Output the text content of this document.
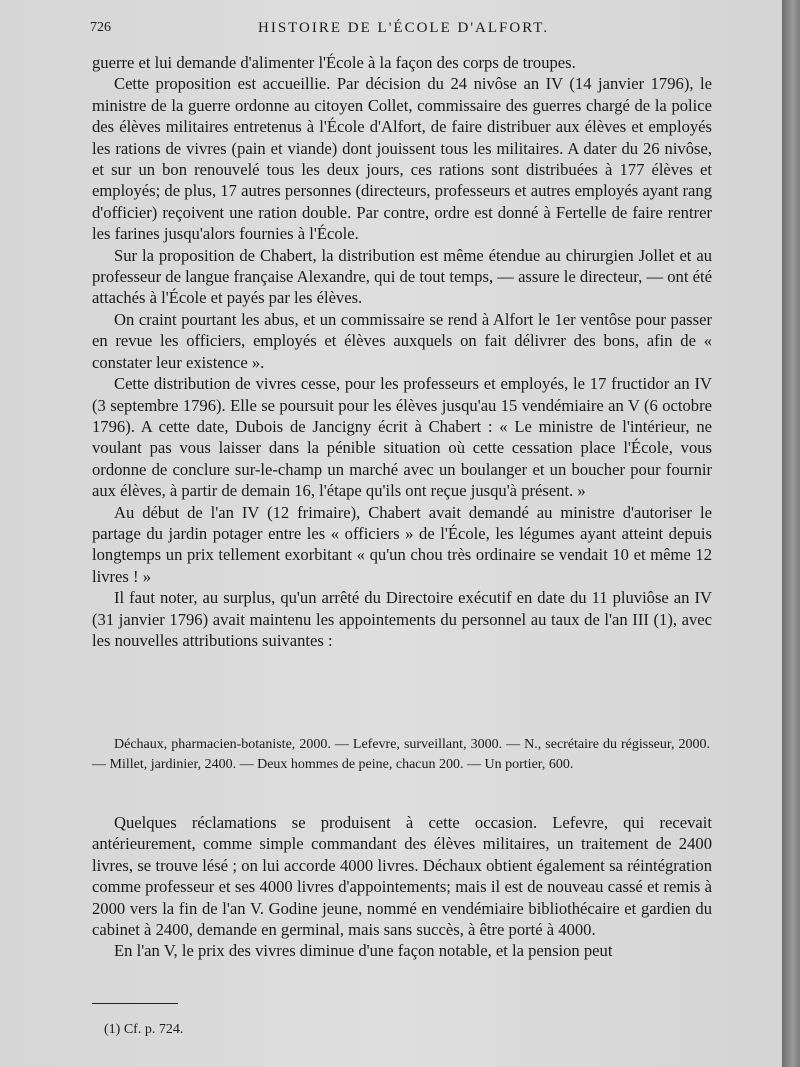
726	HISTOIRE DE L'ÉCOLE D'ALFORT.

guerre et lui demande d'alimenter l'École à la façon des corps de troupes.

Cette proposition est accueillie. Par décision du 24 nivôse an IV (14 janvier 1796), le ministre de la guerre ordonne au citoyen Collet, commissaire des guerres chargé de la police des élèves militaires entretenus à l'École d'Alfort, de faire distribuer aux élèves et employés les rations de vivres (pain et viande) dont jouissent tous les militaires. A dater du 26 nivôse, et sur un bon renouvelé tous les deux jours, ces rations sont distribuées à 177 élèves et employés; de plus, 17 autres personnes (directeurs, professeurs et autres employés ayant rang d'officier) reçoivent une ration double. Par contre, ordre est donné à Fertelle de faire rentrer les farines jusqu'alors fournies à l'École.

Sur la proposition de Chabert, la distribution est même étendue au chirurgien Jollet et au professeur de langue française Alexandre, qui de tout temps, — assure le directeur, — ont été attachés à l'École et payés par les élèves.

On craint pourtant les abus, et un commissaire se rend à Alfort le 1er ventôse pour passer en revue les officiers, employés et élèves auxquels on fait délivrer des bons, afin de « constater leur existence ».

Cette distribution de vivres cesse, pour les professeurs et employés, le 17 fructidor an IV (3 septembre 1796). Elle se poursuit pour les élèves jusqu'au 15 vendémiaire an V (6 octobre 1796). A cette date, Dubois de Jancigny écrit à Chabert : « Le ministre de l'intérieur, ne voulant pas vous laisser dans la pénible situation où cette cessation place l'École, vous ordonne de conclure sur-le-champ un marché avec un boulanger et un boucher pour fournir aux élèves, à partir de demain 16, l'étape qu'ils ont reçue jusqu'à présent. »

Au début de l'an IV (12 frimaire), Chabert avait demandé au ministre d'autoriser le partage du jardin potager entre les « officiers » de l'École, les légumes ayant atteint depuis longtemps un prix tellement exorbitant « qu'un chou très ordinaire se vendait 10 et même 12 livres ! »

Il faut noter, au surplus, qu'un arrêté du Directoire exécutif en date du 11 pluviôse an IV (31 janvier 1796) avait maintenu les appointements du personnel au taux de l'an III (1), avec les nouvelles attributions suivantes :

Déchaux, pharmacien-botaniste, 2000. — Lefevre, surveillant, 3000. — N., secrétaire du régisseur, 2000. — Millet, jardinier, 2400. — Deux hommes de peine, chacun 200. — Un portier, 600.

Quelques réclamations se produisent à cette occasion. Lefevre, qui recevait antérieurement, comme simple commandant des élèves militaires, un traitement de 2400 livres, se trouve lésé ; on lui accorde 4000 livres. Déchaux obtient également sa réintégration comme professeur et ses 4000 livres d'appointements; mais il est de nouveau cassé et remis à 2000 vers la fin de l'an V. Godine jeune, nommé en vendémiaire bibliothécaire et gardien du cabinet à 2400, demande en germinal, mais sans succès, à être porté à 4000.

En l'an V, le prix des vivres diminue d'une façon notable, et la pension peut

(1) Cf. p. 724.
